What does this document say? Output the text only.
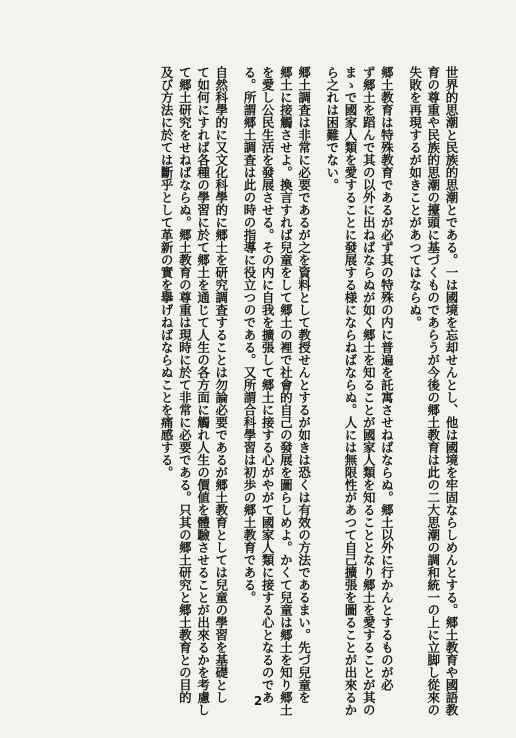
世界的思潮と民族的思潮とである。一は國境を忘却せんとし、他は國境を牢固ならしめんとする。郷土教育や國語教
育の尊重や民族的思潮の擡頭に基づくものであらうが今後の郷土教育は此の二大思潮の調和統一の上に立脚し從來の
失敗を再現するが如きことがあつてはならぬ。
郷土教育は特殊教育であるが必ず其の特殊の内に普遍を託寓させねばならぬ。郷土以外に行かんとするものが必
ず郷土を蹈んで其の以外に出ねばならぬが如く郷土を知ることが國家人類を知ることとなり郷土を愛することが其の
まゝで國家人類を愛することに發展する様にならねばならぬ。人には無限性があつて自己擴張を圖ることが出來るか
ら之れは困難でない。
郷土調査は非常に必要であるが之を資料として教授せんとするが如きは恐くは有效の方法であるまい。先づ兒童を
郷土に接觸させよ。換言すれば兒童をして郷土の裡で社會的自己の發展を圖らしめよ。かくて兒童は郷土を知り郷土
を愛し公民生活を發展させる。その内に自我を擴張して郷土に接する心がやがて國家人類に接する心となるのであ
る。所謂郷土調査は此の時の指導に役立つのである。又所謂合科學習は初歩の郷土教育である。
自然科學的に又文化科學的に郷土を研究調査することは勿論必要であるが郷土教育としては兒童の學習を基礎とし
て如何にすれば各種の學習に於て郷土を通じて人生の各方面に觸れ人生の價値を體驗させることが出來るかを考慮し
て郷土研究をせねばならぬ。郷土教育の尊重は現時に於て非常に必要である。只其の郷土研究と郷土教育との目的
及び方法に於ては斷乎として革新の實を擧げねばならぬことを痛感する。
2
